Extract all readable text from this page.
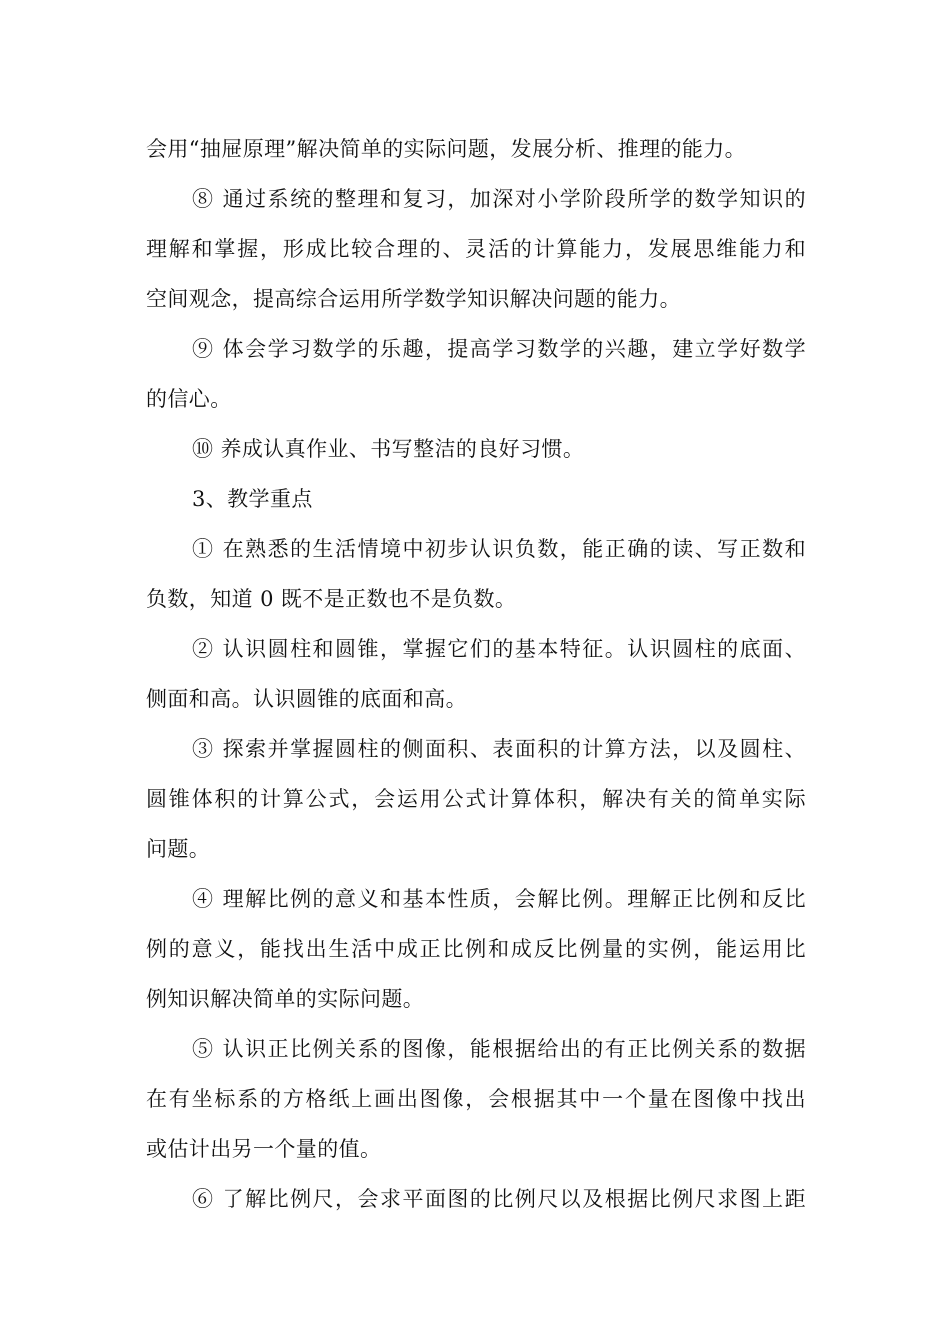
会用“抽屉原理”解决简单的实际问题，发展分析、推理的能力。
⑧ 通过系统的整理和复习，加深对小学阶段所学的数学知识的
理解和掌握，形成比较合理的、灵活的计算能力，发展思维能力和
空间观念，提高综合运用所学数学知识解决问题的能力。
⑨ 体会学习数学的乐趣，提高学习数学的兴趣，建立学好数学
的信心。
⑩ 养成认真作业、书写整洁的良好习惯。
3、教学重点
① 在熟悉的生活情境中初步认识负数，能正确的读、写正数和
负数，知道 0 既不是正数也不是负数。
② 认识圆柱和圆锥，掌握它们的基本特征。认识圆柱的底面、
侧面和高。认识圆锥的底面和高。
③ 探索并掌握圆柱的侧面积、表面积的计算方法，以及圆柱、
圆锥体积的计算公式，会运用公式计算体积，解决有关的简单实际
问题。
④ 理解比例的意义和基本性质，会解比例。理解正比例和反比
例的意义，能找出生活中成正比例和成反比例量的实例，能运用比
例知识解决简单的实际问题。
⑤ 认识正比例关系的图像，能根据给出的有正比例关系的数据
在有坐标系的方格纸上画出图像，会根据其中一个量在图像中找出
或估计出另一个量的值。
⑥ 了解比例尺，会求平面图的比例尺以及根据比例尺求图上距
